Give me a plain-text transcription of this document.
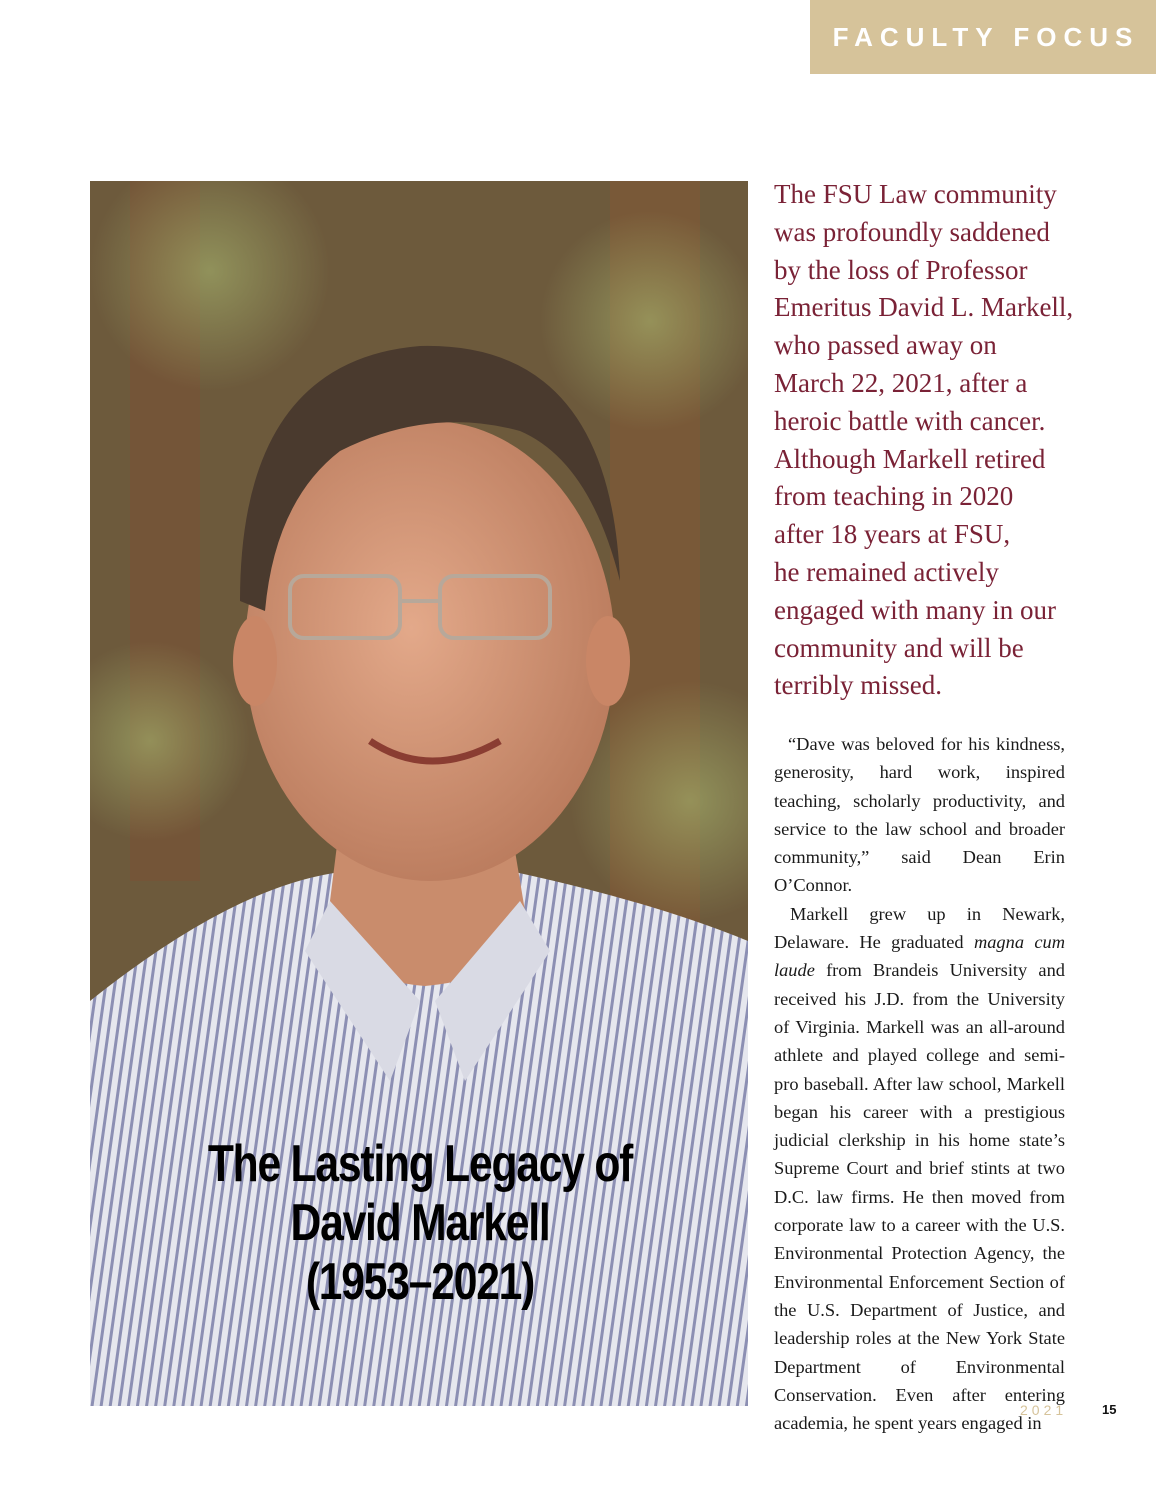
FACULTY FOCUS
The Lasting Legacy of
David Markell
(1953–2021)

The FSU Law community

was profoundly saddened

by the loss of Professor

Emeritus David L. Markell,

who passed away on

March 22, 2021, after a

heroic battle with cancer.

Although Markell retired

from teaching in 2020

after 18 years at FSU,

he remained actively

engaged with many in our

community and will be

terribly missed.

“Dave was beloved for his kindness, generosity, hard work, inspired teaching, scholarly productivity, and service to the law school and broader community,” said Dean Erin O’Connor.

Markell grew up in Newark, Delaware. He graduated magna cum laude from Brandeis University and received his J.D. from the University of Virginia. Markell was an all-around athlete and played college and semi-pro baseball. After law school, Markell began his career with a prestigious judicial clerkship in his home state’s Supreme Court and brief stints at two D.C. law firms. He then moved from corporate law to a career with the U.S. Environmental Protection Agency, the Environmental Enforcement Section of the U.S. Department of Justice, and leadership roles at the New York State Department of Environmental Conservation. Even after entering academia, he spent years engaged in

2021	15
